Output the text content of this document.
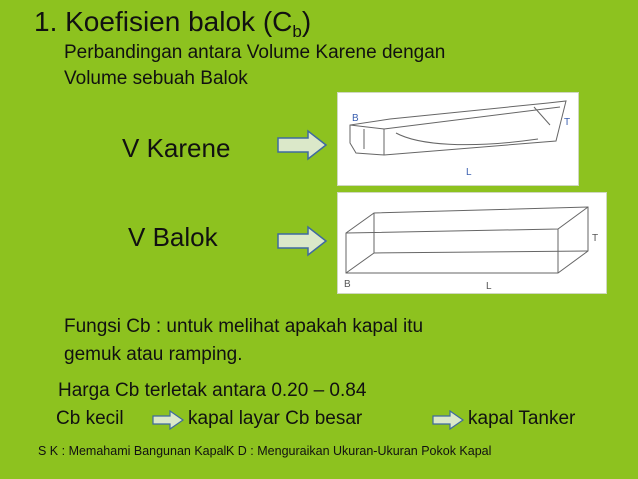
1. Koefisien balok $(C_b)$
Perbandingan antara Volume Karene dengan
Volume sebuah Balok
V Karene
V Balok
B	T
L
B
T
L
Fungsi Cb : untuk melihat apakah kapal itu
gemuk atau ramping.
Harga Cb terletak antara 0.20 – 0.84
Cb kecil	kapal layar Cb besar	kapal Tanker
S K : Memahami Bangunan Kapal K D : Menguraikan Ukuran-Ukuran Pokok Kapal
